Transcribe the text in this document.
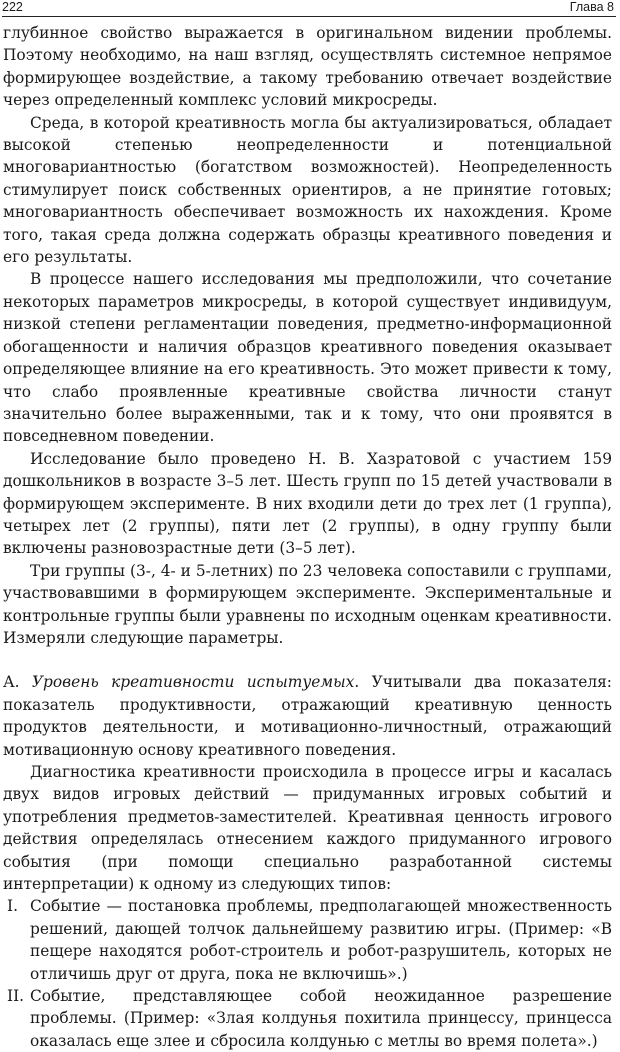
222	Глава 8

глубинное свойство выражается в оригинальном видении проблемы. Поэтому необходимо, на наш взгляд, осуществлять системное непрямое формирующее воздействие, а такому требованию отвечает воздействие через определенный комплекс условий микросреды.

Среда, в которой креативность могла бы актуализироваться, обладает высокой степенью неопределенности и потенциальной многовариантностью (богатством возможностей). Неопределенность стимулирует поиск собственных ориентиров, а не принятие готовых; многовариантность обеспечивает возможность их нахождения. Кроме того, такая среда должна содержать образцы креативного поведения и его результаты.

В процессе нашего исследования мы предположили, что сочетание некоторых параметров микросреды, в которой существует индивидуум, низкой степени регламентации поведения, предметно-информационной обогащенности и наличия образцов креативного поведения оказывает определяющее влияние на его креативность. Это может привести к тому, что слабо проявленные креативные свойства личности станут значительно более выраженными, так и к тому, что они проявятся в повседневном поведении.

Исследование было проведено Н. В. Хазратовой с участием 159 дошкольников в возрасте 3–5 лет. Шесть групп по 15 детей участвовали в формирующем эксперименте. В них входили дети до трех лет (1 группа), четырех лет (2 группы), пяти лет (2 группы), в одну группу были включены разновозрастные дети (3–5 лет).

Три группы (3-, 4- и 5-летних) по 23 человека сопоставили с группами, участвовавшими в формирующем эксперименте. Экспериментальные и контрольные группы были уравнены по исходным оценкам креативности. Измеряли следующие параметры.

А. Уровень креативности испытуемых. Учитывали два показателя: показатель продуктивности, отражающий креативную ценность продуктов деятельности, и мотивационно-личностный, отражающий мотивационную основу креативного поведения.

Диагностика креативности происходила в процессе игры и касалась двух видов игровых действий — придуманных игровых событий и употребления предметов-заместителей. Креативная ценность игрового действия определялась отнесением каждого придуманного игрового события (при помощи специально разработанной системы интерпретации) к одному из следующих типов:

I. Событие — постановка проблемы, предполагающей множественность решений, дающей толчок дальнейшему развитию игры. (Пример: «В пещере находятся робот-строитель и робот-разрушитель, которых не отличишь друг от друга, пока не включишь».)
II. Событие, представляющее собой неожиданное разрешение проблемы. (Пример: «Злая колдунья похитила принцессу, принцесса оказалась еще злее и сбросила колдунью с метлы во время полета».)
